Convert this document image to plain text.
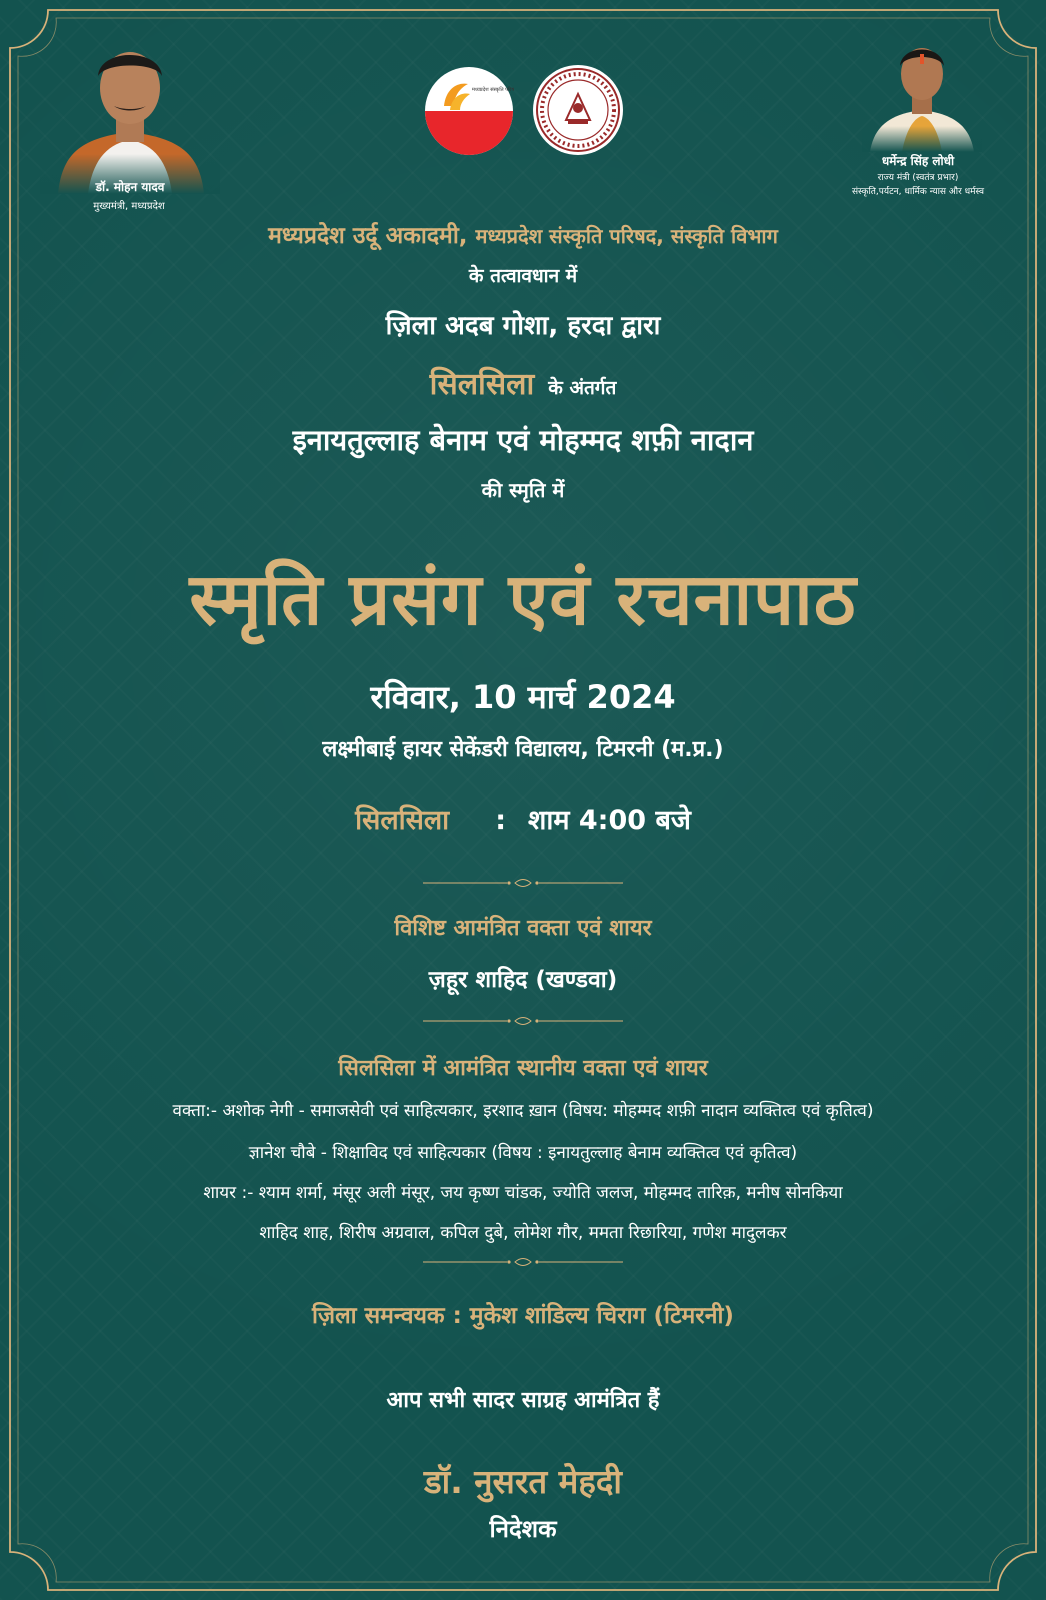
डॉ. मोहन यादव
मुख्यमंत्री, मध्यप्रदेश
धर्मेन्द्र सिंह लोधी
राज्य मंत्री (स्वतंत्र प्रभार)
संस्कृति,पर्यटन, धार्मिक न्यास और धर्मस्व
मध्यप्रदेश संस्कृति परिषद्
मध्यप्रदेश उर्दू अकादमी, मध्यप्रदेश संस्कृति परिषद, संस्कृति विभाग
के तत्वावधान में
ज़िला अदब गोशा, हरदा द्वारा
सिलसिला के अंतर्गत
इनायतुल्लाह बेनाम एवं मोहम्मद शफ़ी नादान
की स्मृति में
स्मृति प्रसंग एवं रचनापाठ
रविवार, 10 मार्च 2024
लक्ष्मीबाई हायर सेकेंडरी विद्यालय, टिमरनी (म.प्र.)
सिलसिला : शाम 4:00 बजे
विशिष्ट आमंत्रित वक्ता एवं शायर
ज़हूर शाहिद (खण्डवा)
सिलसिला में आमंत्रित स्थानीय वक्ता एवं शायर
वक्ता:- अशोक नेगी - समाजसेवी एवं साहित्यकार, इरशाद ख़ान (विषय: मोहम्मद शफ़ी नादान व्यक्तित्व एवं कृतित्व)
ज्ञानेश चौबे - शिक्षाविद एवं साहित्यकार (विषय : इनायतुल्लाह बेनाम व्यक्तित्व एवं कृतित्व)
शायर :- श्याम शर्मा, मंसूर अली मंसूर, जय कृष्ण चांडक, ज्योति जलज, मोहम्मद तारिक़, मनीष सोनकिया
शाहिद शाह, शिरीष अग्रवाल, कपिल दुबे, लोमेश गौर, ममता रिछारिया, गणेश मादुलकर
ज़िला समन्वयक : मुकेश शांडिल्य चिराग (टिमरनी)
आप सभी सादर साग्रह आमंत्रित हैं
डॉ. नुसरत मेहदी
निदेशक
